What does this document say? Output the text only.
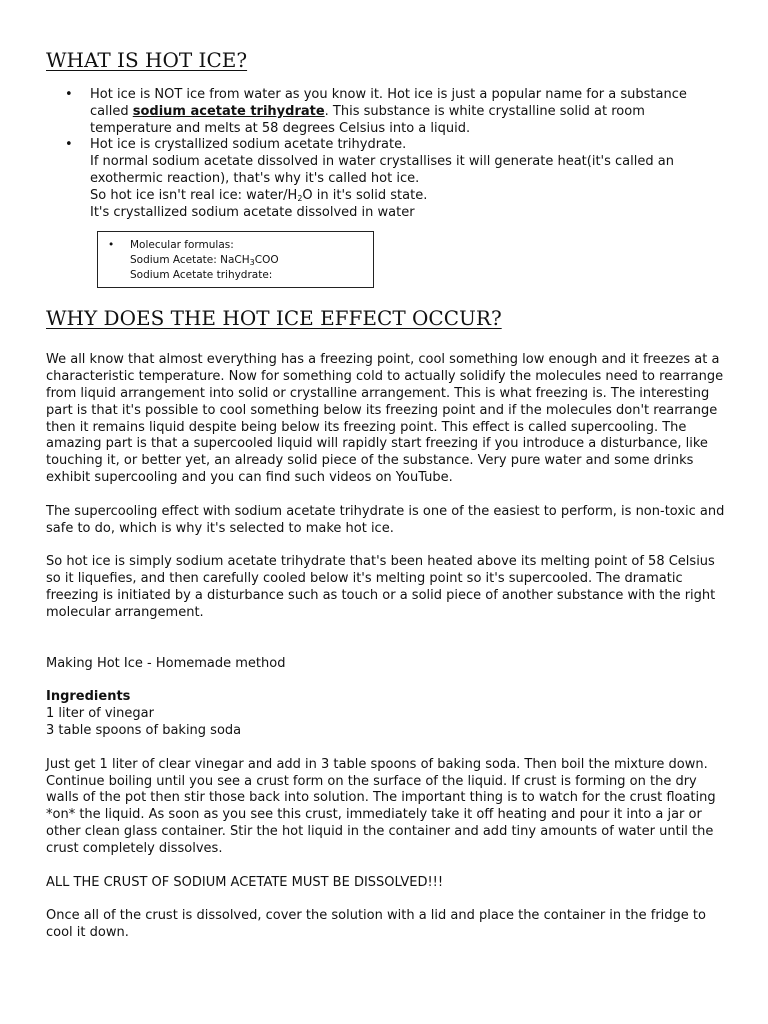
WHAT IS HOT ICE?
• Hot ice is NOT ice from water as you know it. Hot ice is just a popular name for a substance called sodium acetate trihydrate. This substance is white crystalline solid at room temperature and melts at 58 degrees Celsius into a liquid.
• Hot ice is crystallized sodium acetate trihydrate.
If normal sodium acetate dissolved in water crystallises it will generate heat(it's called an exothermic reaction), that's why it's called hot ice.
So hot ice isn't real ice: water/$H_2O$ in it's solid state.
It's crystallized sodium acetate dissolved in water
• Molecular formulas:
Sodium Acetate: NaCH$_3$COO
Sodium Acetate trihydrate:
WHY DOES THE HOT ICE EFFECT OCCUR?

We all know that almost everything has a freezing point, cool something low enough and it freezes at a characteristic temperature. Now for something cold to actually solidify the molecules need to rearrange from liquid arrangement into solid or crystalline arrangement. This is what freezing is. The interesting part is that it's possible to cool something below its freezing point and if the molecules don't rearrange then it remains liquid despite being below its freezing point. This effect is called supercooling. The amazing part is that a supercooled liquid will rapidly start freezing if you introduce a disturbance, like touching it, or better yet, an already solid piece of the substance. Very pure water and some drinks exhibit supercooling and you can find such videos on YouTube.

The supercooling effect with sodium acetate trihydrate is one of the easiest to perform, is non-toxic and safe to do, which is why it's selected to make hot ice.

So hot ice is simply sodium acetate trihydrate that's been heated above its melting point of 58 Celsius so it liquefies, and then carefully cooled below it's melting point so it's supercooled. The dramatic freezing is initiated by a disturbance such as touch or a solid piece of another substance with the right molecular arrangement.

Making Hot Ice - Homemade method
Ingredients
1 liter of vinegar
3 table spoons of baking soda

Just get 1 liter of clear vinegar and add in 3 table spoons of baking soda. Then boil the mixture down. Continue boiling until you see a crust form on the surface of the liquid. If crust is forming on the dry walls of the pot then stir those back into solution. The important thing is to watch for the crust floating *on* the liquid. As soon as you see this crust, immediately take it off heating and pour it into a jar or other clean glass container. Stir the hot liquid in the container and add tiny amounts of water until the crust completely dissolves.

ALL THE CRUST OF SODIUM ACETATE MUST BE DISSOLVED!!!

Once all of the crust is dissolved, cover the solution with a lid and place the container in the fridge to cool it down.
